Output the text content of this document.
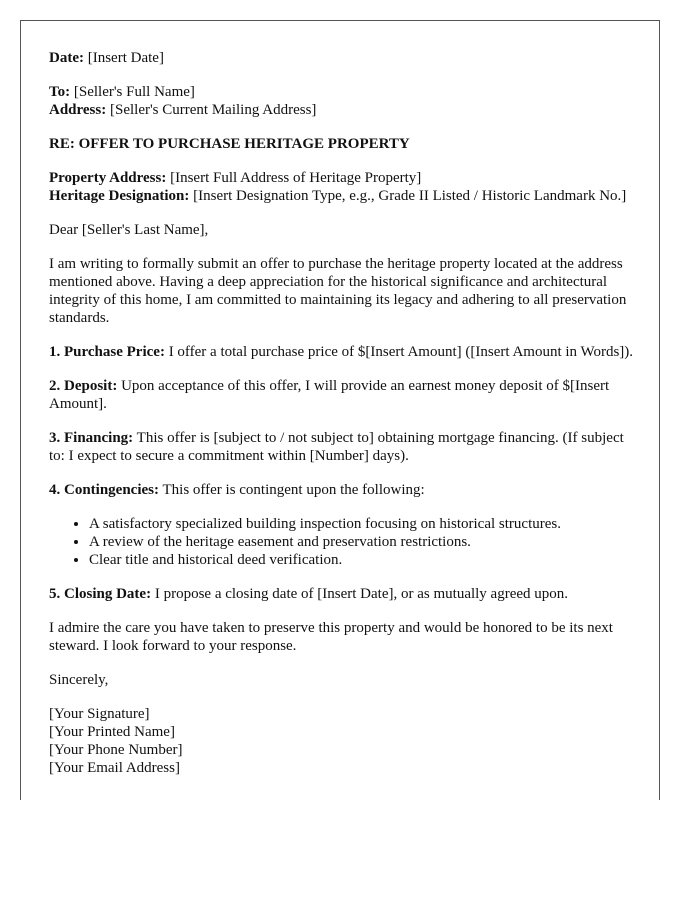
Date: [Insert Date]

To: [Seller's Full Name]
Address: [Seller's Current Mailing Address]

RE: OFFER TO PURCHASE HERITAGE PROPERTY

Property Address: [Insert Full Address of Heritage Property]
Heritage Designation: [Insert Designation Type, e.g., Grade II Listed / Historic Landmark No.]

Dear [Seller's Last Name],

I am writing to formally submit an offer to purchase the heritage property located at the address mentioned above. Having a deep appreciation for the historical significance and architectural integrity of this home, I am committed to maintaining its legacy and adhering to all preservation standards.

1. Purchase Price: I offer a total purchase price of $[Insert Amount] ([Insert Amount in Words]).

2. Deposit: Upon acceptance of this offer, I will provide an earnest money deposit of $[Insert Amount].

3. Financing: This offer is [subject to / not subject to] obtaining mortgage financing. (If subject to: I expect to secure a commitment within [Number] days).

4. Contingencies: This offer is contingent upon the following:

• A satisfactory specialized building inspection focusing on historical structures.
• A review of the heritage easement and preservation restrictions.
• Clear title and historical deed verification.

5. Closing Date: I propose a closing date of [Insert Date], or as mutually agreed upon.

I admire the care you have taken to preserve this property and would be honored to be its next steward. I look forward to your response.

Sincerely,

[Your Signature]
[Your Printed Name]
[Your Phone Number]
[Your Email Address]
